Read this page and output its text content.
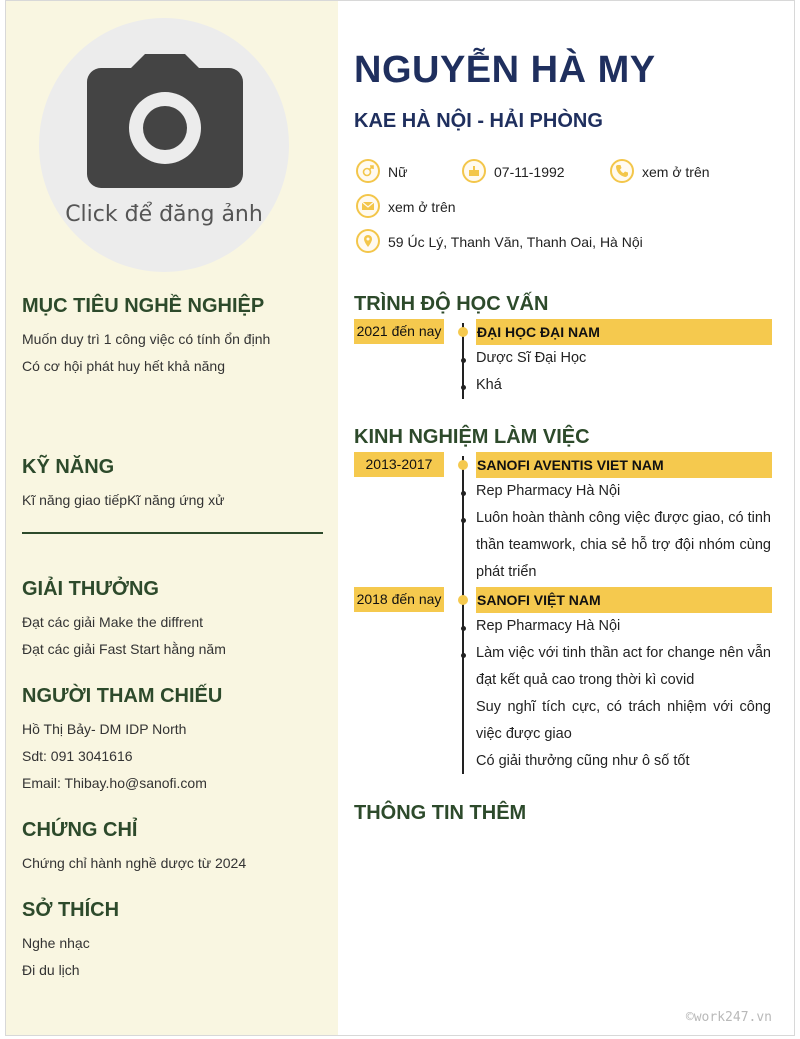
Click để đăng ảnh
MỤC TIÊU NGHỀ NGHIỆP
Muốn duy trì 1 công việc có tính ổn định
Có cơ hội phát huy hết khả năng
KỸ NĂNG
Kĩ năng giao tiếpKĩ năng ứng xử
GIẢI THƯỞNG
Đạt các giải Make the diffrent
Đạt các giải Fast Start hằng năm
NGƯỜI THAM CHIẾU
Hồ Thị Bảy- DM IDP North
Sdt: 091 3041616
Email: Thibay.ho@sanofi.com
CHỨNG CHỈ
Chứng chỉ hành nghề dược từ 2024
SỞ THÍCH
Nghe nhạc
Đi du lịch
NGUYỄN HÀ MY
KAE HÀ NỘI - HẢI PHÒNG
Nữ	07-11-1992	xem ở trên
xem ở trên
59 Úc Lý, Thanh Văn, Thanh Oai, Hà Nội
TRÌNH ĐỘ HỌC VẤN
2021 đến nay	ĐẠI HỌC ĐẠI NAM
Dược Sĩ Đại Học
Khá
KINH NGHIỆM LÀM VIỆC
2013-2017	SANOFI AVENTIS VIET NAM
Rep Pharmacy Hà Nội
Luôn hoàn thành công việc được giao, có tinh thần teamwork, chia sẻ hỗ trợ đội nhóm cùng phát triển
2018 đến nay	SANOFI VIỆT NAM
Rep Pharmacy Hà Nội
Làm việc với tinh thần act for change nên vẫn đạt kết quả cao trong thời kì covid
Suy nghĩ tích cực, có trách nhiệm với công việc được giao
Có giải thưởng cũng như ô số tốt
THÔNG TIN THÊM
©work247.vn
